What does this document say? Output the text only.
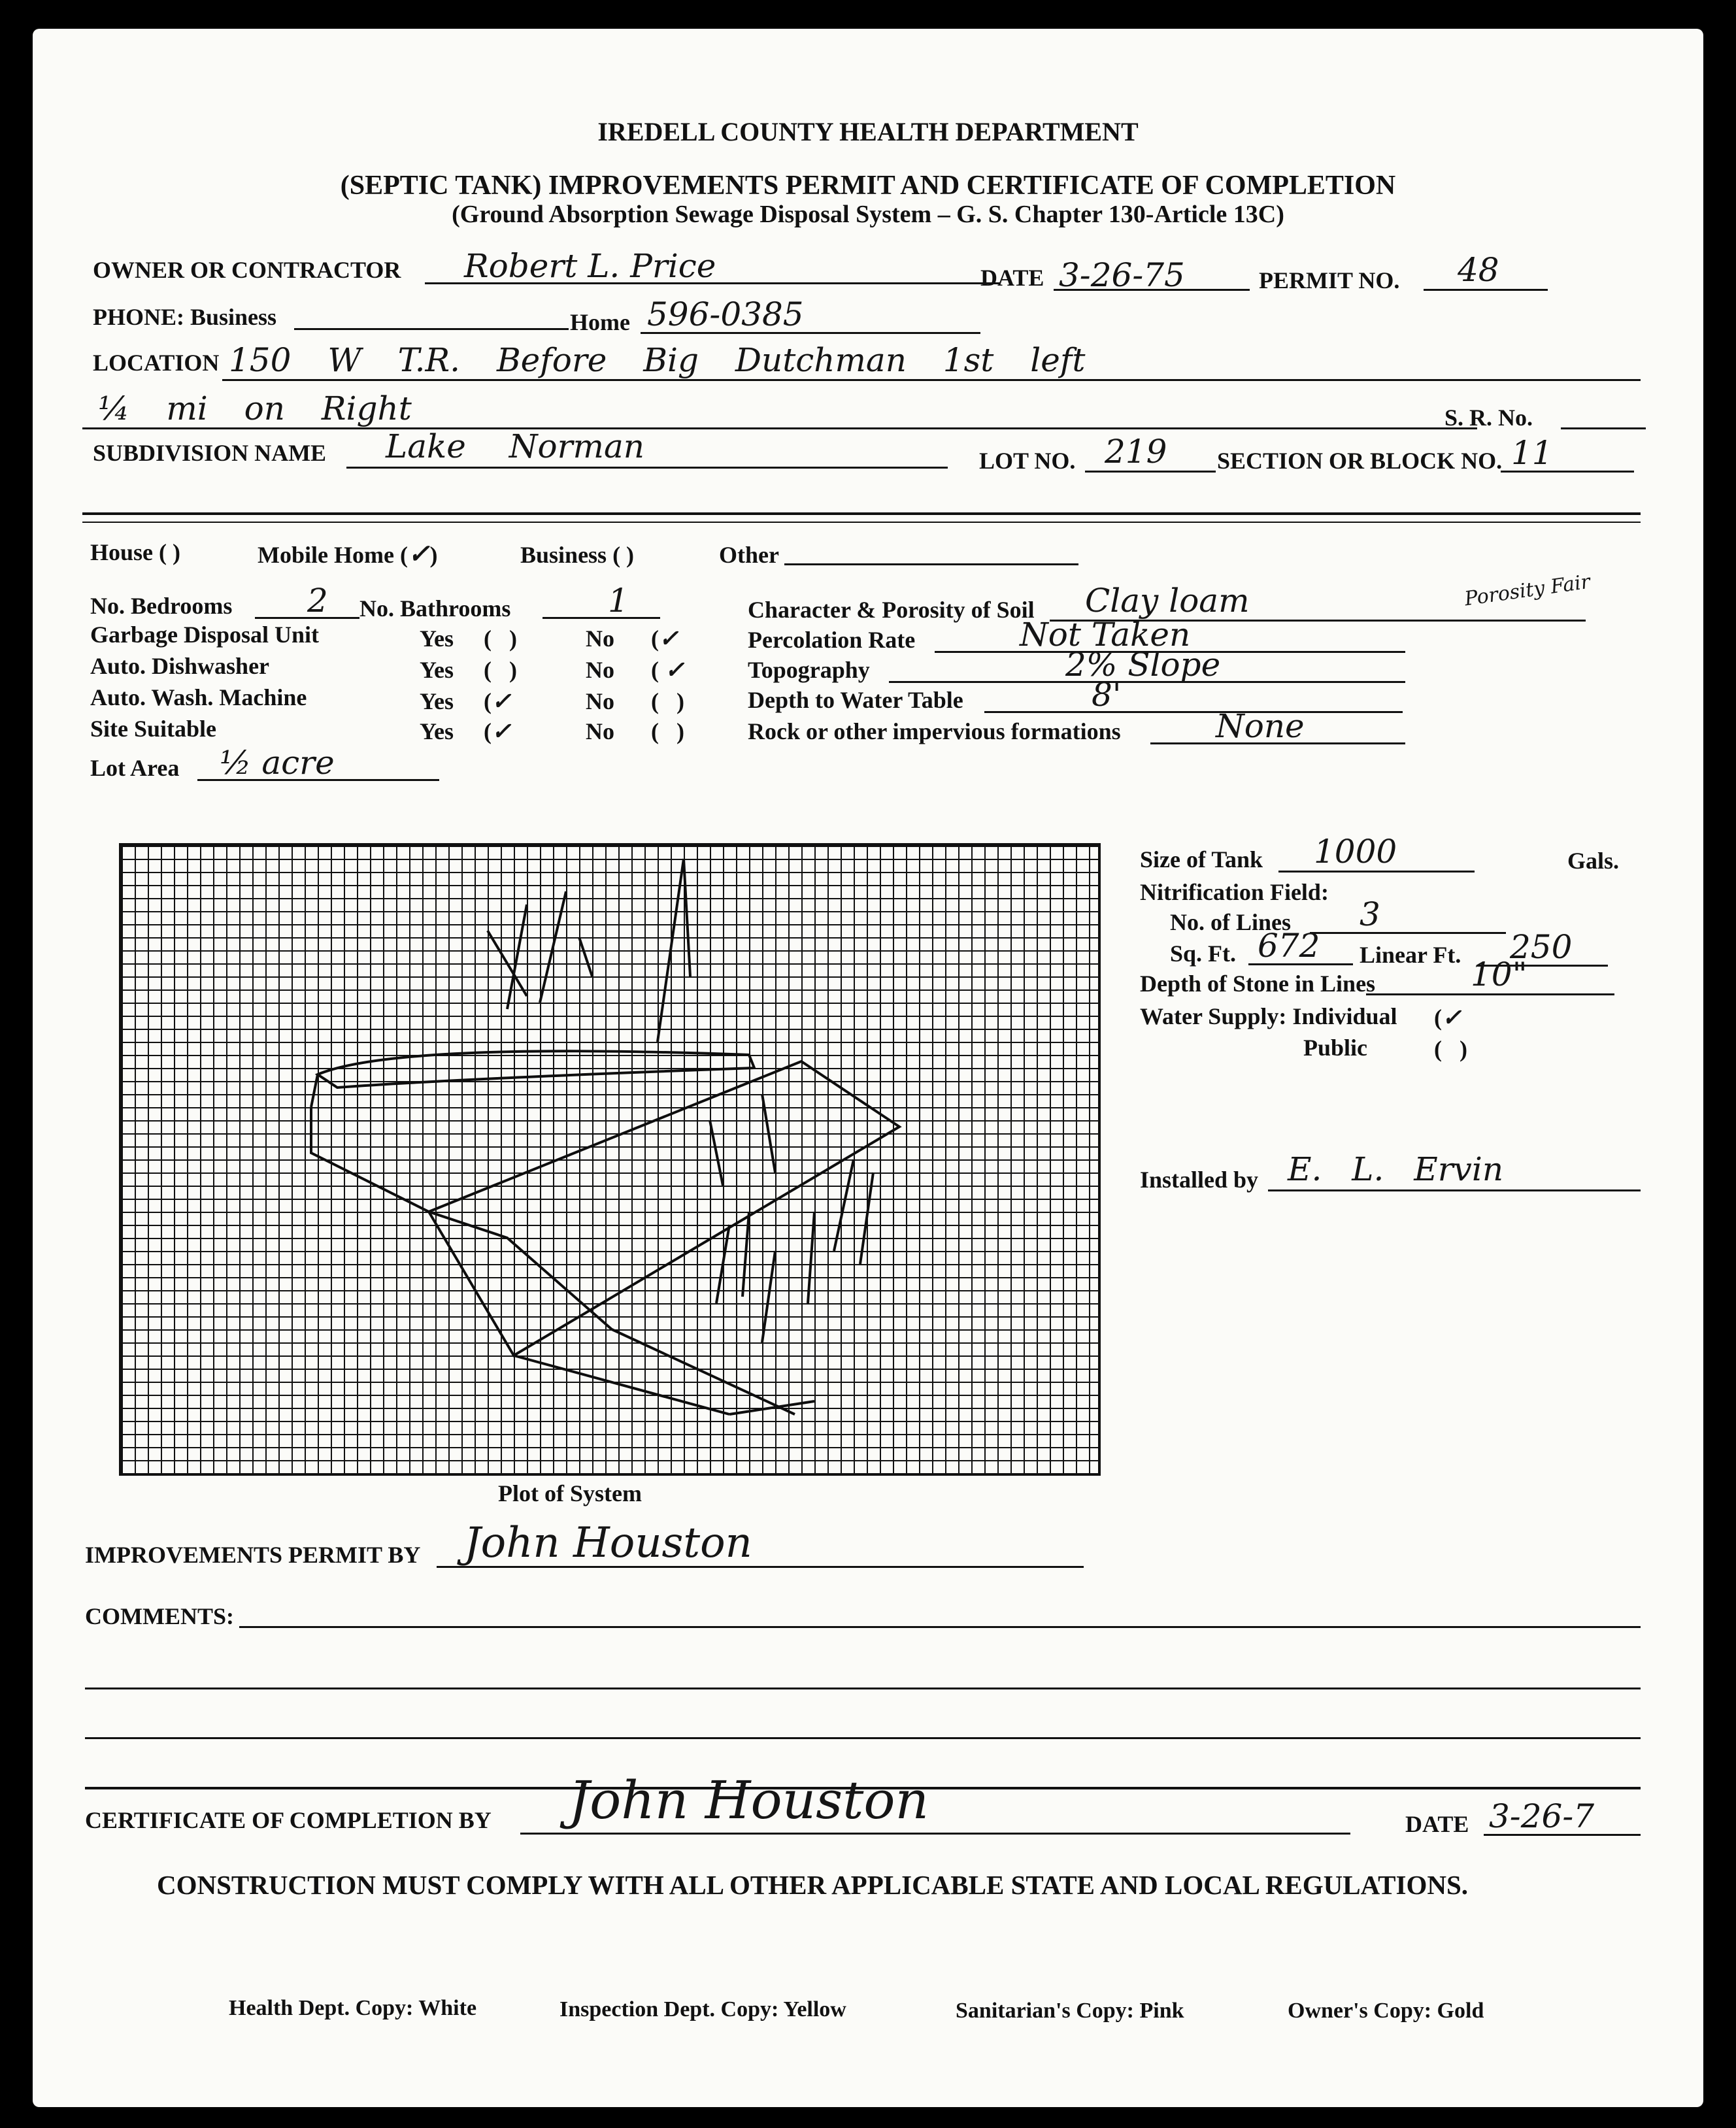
IREDELL COUNTY HEALTH DEPARTMENT
(SEPTIC TANK) IMPROVEMENTS PERMIT AND CERTIFICATE OF COMPLETION
(Ground Absorption Sewage Disposal System – G. S. Chapter 130-Article 13C)
OWNER OR CONTRACTOR Robert L. Price	DATE 3-26-75	PERMIT NO. 48
PHONE: Business	Home 596-0385
LOCATION 150 W T.R. Before Big Dutchman 1st left
¼ mi on Right	S. R. No.
SUBDIVISION NAME Lake Norman	LOT NO. 219 SECTION OR BLOCK NO. 11
House ( )	Mobile Home (✓)	Business ( )	Other
No. Bedrooms 2 No. Bathrooms	1
Garbage Disposal Unit	Yes ( )	No (✓
Auto. Dishwasher	Yes ( )	No ( ✓
Auto. Wash. Machine	Yes (✓	No ( )
Site Suitable	Yes (✓	No ( )
Lot Area ½ acre
Character & Porosity of Soil Clay loam	Porosity Fair
Percolation Rate	Not Taken
Topography	2% Slope
Depth to Water Table	8'
Rock or other impervious formations	None
Plot of System
Size of Tank 1000	Gals.
Nitrification Field:
No. of Lines 3
Sq. Ft. 672 Linear Ft. 250
Depth of Stone in Lines	10"
Water Supply: Individual (✓
Public	( )
Installed by E. L. Ervin
IMPROVEMENTS PERMIT BY John Houston
COMMENTS:
CERTIFICATE OF COMPLETION BY John Houston	DATE 3-26-7
CONSTRUCTION MUST COMPLY WITH ALL OTHER APPLICABLE STATE AND LOCAL REGULATIONS.
Health Dept. Copy: White	Inspection Dept. Copy: Yellow	Sanitarian's Copy: Pink	Owner's Copy: Gold
